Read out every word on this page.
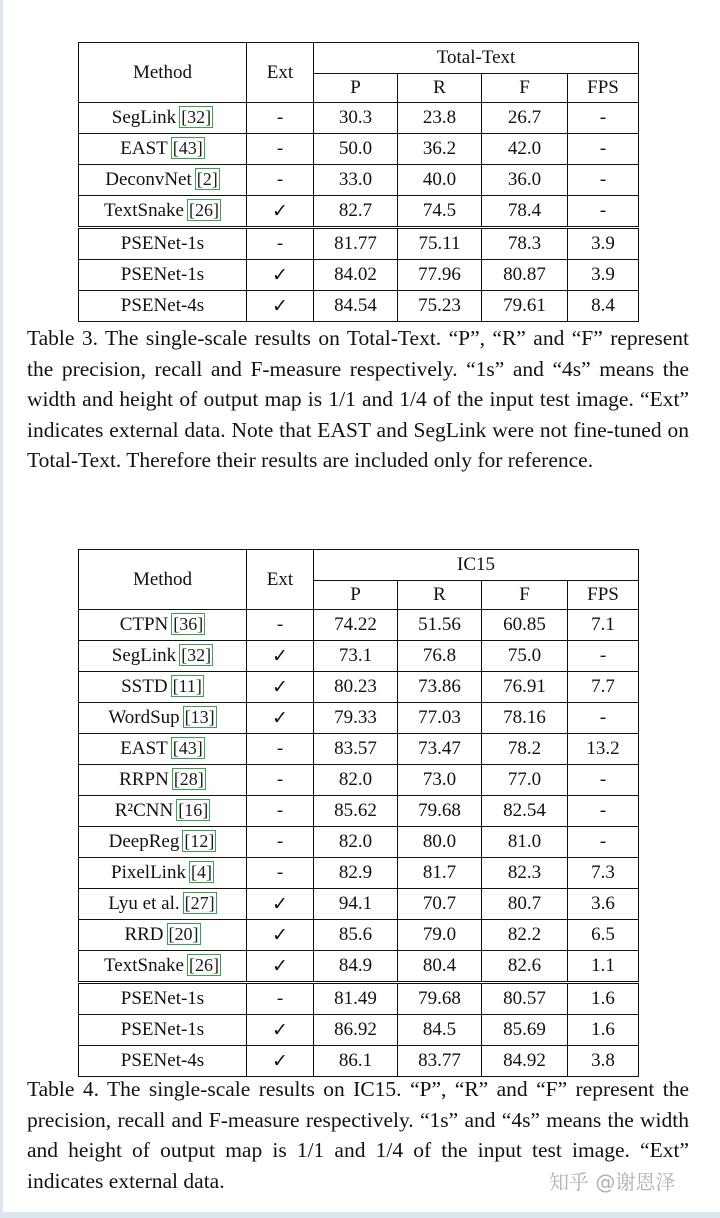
Method	Ext	Total-Text			
		P	R	F	FPS
SegLink [32]	-	30.3	23.8	26.7	-
EAST [43]	-	50.0	36.2	42.0	-
DeconvNet [2]	-	33.0	40.0	36.0	-
TextSnake [26]	✓	82.7	74.5	78.4	-
PSENet-1s	-	81.77	75.11	78.3	3.9
PSENet-1s	✓	84.02	77.96	80.87	3.9
PSENet-4s	✓	84.54	75.23	79.61	8.4
Table 3. The single-scale results on Total-Text. “P”, “R” and “F” represent the precision, recall and F-measure respectively. “1s” and “4s” means the width and height of output map is 1/1 and 1/4 of the input test image. “Ext” indicates external data. Note that EAST and SegLink were not fine-tuned on Total-Text. Therefore their results are included only for reference.
Method	Ext	IC15			
		P	R	F	FPS
CTPN [36]	-	74.22	51.56	60.85	7.1
SegLink [32]	✓	73.1	76.8	75.0	-
SSTD [11]	✓	80.23	73.86	76.91	7.7
WordSup [13]	✓	79.33	77.03	78.16	-
EAST [43]	-	83.57	73.47	78.2	13.2
RRPN [28]	-	82.0	73.0	77.0	-
R²CNN [16]	-	85.62	79.68	82.54	-
DeepReg [12]	-	82.0	80.0	81.0	-
PixelLink [4]	-	82.9	81.7	82.3	7.3
Lyu et al. [27]	✓	94.1	70.7	80.7	3.6
RRD [20]	✓	85.6	79.0	82.2	6.5
TextSnake [26]	✓	84.9	80.4	82.6	1.1
PSENet-1s	-	81.49	79.68	80.57	1.6
PSENet-1s	✓	86.92	84.5	85.69	1.6
PSENet-4s	✓	86.1	83.77	84.92	3.8
Table 4. The single-scale results on IC15. “P”, “R” and “F” represent the precision, recall and F-measure respectively. “1s” and “4s” means the width and height of output map is 1/1 and 1/4 of the input test image. “Ext” indicates external data.	知乎 @谢恩泽
